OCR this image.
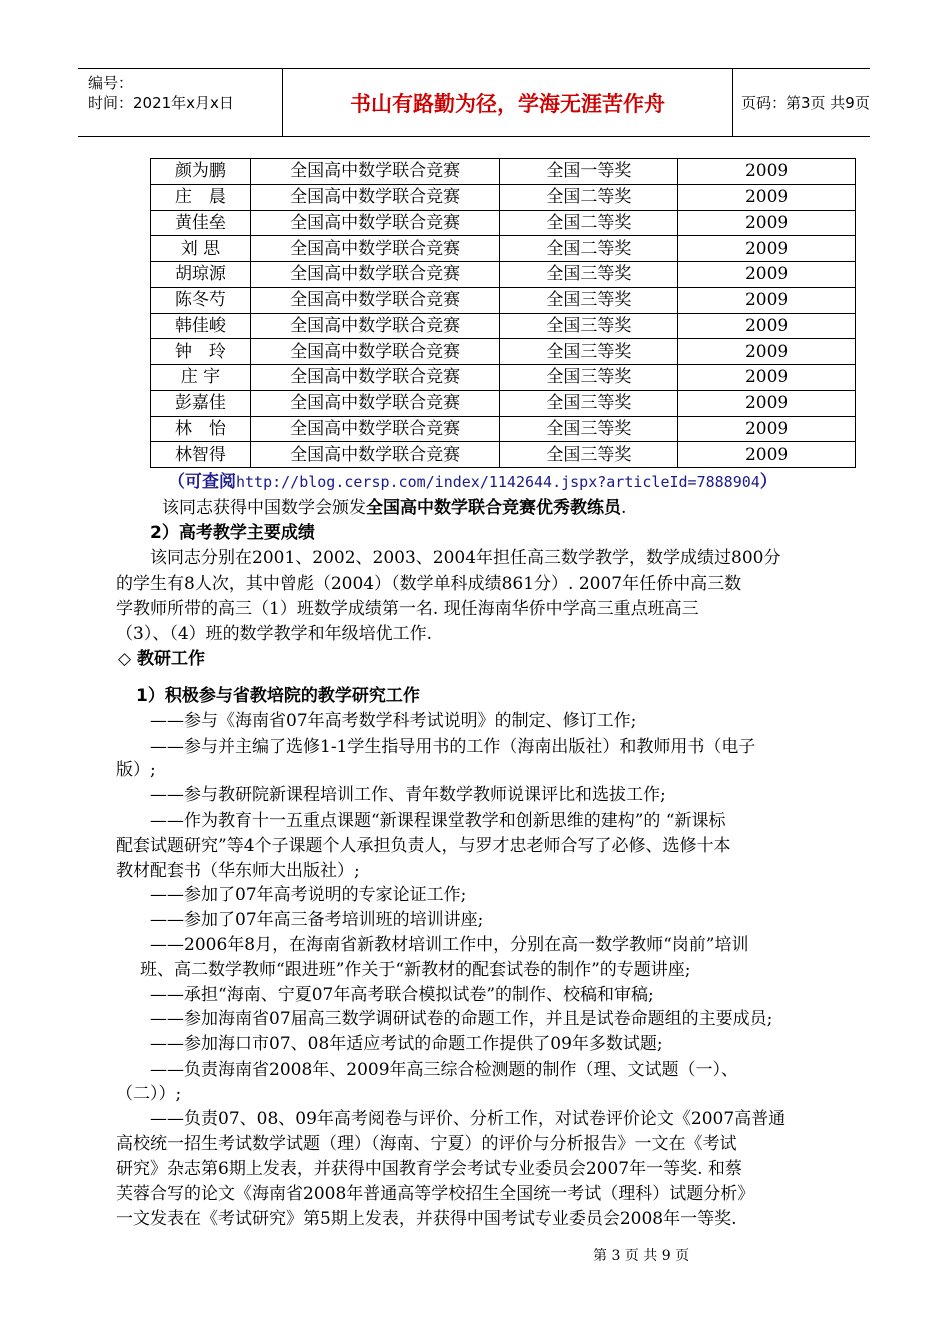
编号：
时间：2021年x月x日	书山有路勤为径，学海无涯苦作舟	页码：第3页 共9页
颜为鹏	全国高中数学联合竞赛	全国一等奖	2009
庄　晨	全国高中数学联合竞赛	全国二等奖	2009
黄佳垒	全国高中数学联合竞赛	全国二等奖	2009
刘 思	全国高中数学联合竞赛	全国二等奖	2009
胡琼源	全国高中数学联合竞赛	全国三等奖	2009
陈冬芍	全国高中数学联合竞赛	全国三等奖	2009
韩佳峻	全国高中数学联合竞赛	全国三等奖	2009
钟　玲	全国高中数学联合竞赛	全国三等奖	2009
庄 宇	全国高中数学联合竞赛	全国三等奖	2009
彭嘉佳	全国高中数学联合竞赛	全国三等奖	2009
林　怡	全国高中数学联合竞赛	全国三等奖	2009
林智得	全国高中数学联合竞赛	全国三等奖	2009
（可查阅http://blog.cersp.com/index/1142644.jspx?articleId=7888904）
该同志获得中国数学会颁发全国高中数学联合竞赛优秀教练员.
2）高考教学主要成绩
该同志分别在2001、2002、2003、2004年担任高三数学教学，数学成绩过800分
的学生有8人次，其中曾彪（2004）（数学单科成绩861分）. 2007年任侨中高三数
学教师所带的高三（1）班数学成绩第一名. 现任海南华侨中学高三重点班高三
（3）、（4）班的数学教学和年级培优工作.
◇ 教研工作
1）积极参与省教培院的教学研究工作
——参与《海南省07年高考数学科考试说明》的制定、修订工作;
——参与并主编了选修1-1学生指导用书的工作（海南出版社）和教师用书（电子
版）;
——参与教研院新课程培训工作、青年数学教师说课评比和选拔工作;
——作为教育十一五重点课题“新课程课堂教学和创新思维的建构”的 “新课标
配套试题研究”等4个子课题个人承担负责人，与罗才忠老师合写了必修、选修十本
教材配套书（华东师大出版社）;
——参加了07年高考说明的专家论证工作;
——参加了07年高三备考培训班的培训讲座;
——2006年8月，在海南省新教材培训工作中，分别在高一数学教师“岗前”培训
班、高二数学教师“跟进班”作关于“新教材的配套试卷的制作”的专题讲座;
——承担“海南、宁夏07年高考联合模拟试卷”的制作、校稿和审稿;
——参加海南省07届高三数学调研试卷的命题工作，并且是试卷命题组的主要成员;
——参加海口市07、08年适应考试的命题工作提供了09年多数试题;
——负责海南省2008年、2009年高三综合检测题的制作（理、文试题（一）、
（二））;
——负责07、08、09年高考阅卷与评价、分析工作，对试卷评价论文《2007高普通
高校统一招生考试数学试题（理）（海南、宁夏）的评价与分析报告》一文在《考试
研究》杂志第6期上发表，并获得中国教育学会考试专业委员会2007年一等奖. 和蔡
芙蓉合写的论文《海南省2008年普通高等学校招生全国统一考试（理科）试题分析》
一文发表在《考试研究》第5期上发表，并获得中国考试专业委员会2008年一等奖.
第 3 页 共 9 页
